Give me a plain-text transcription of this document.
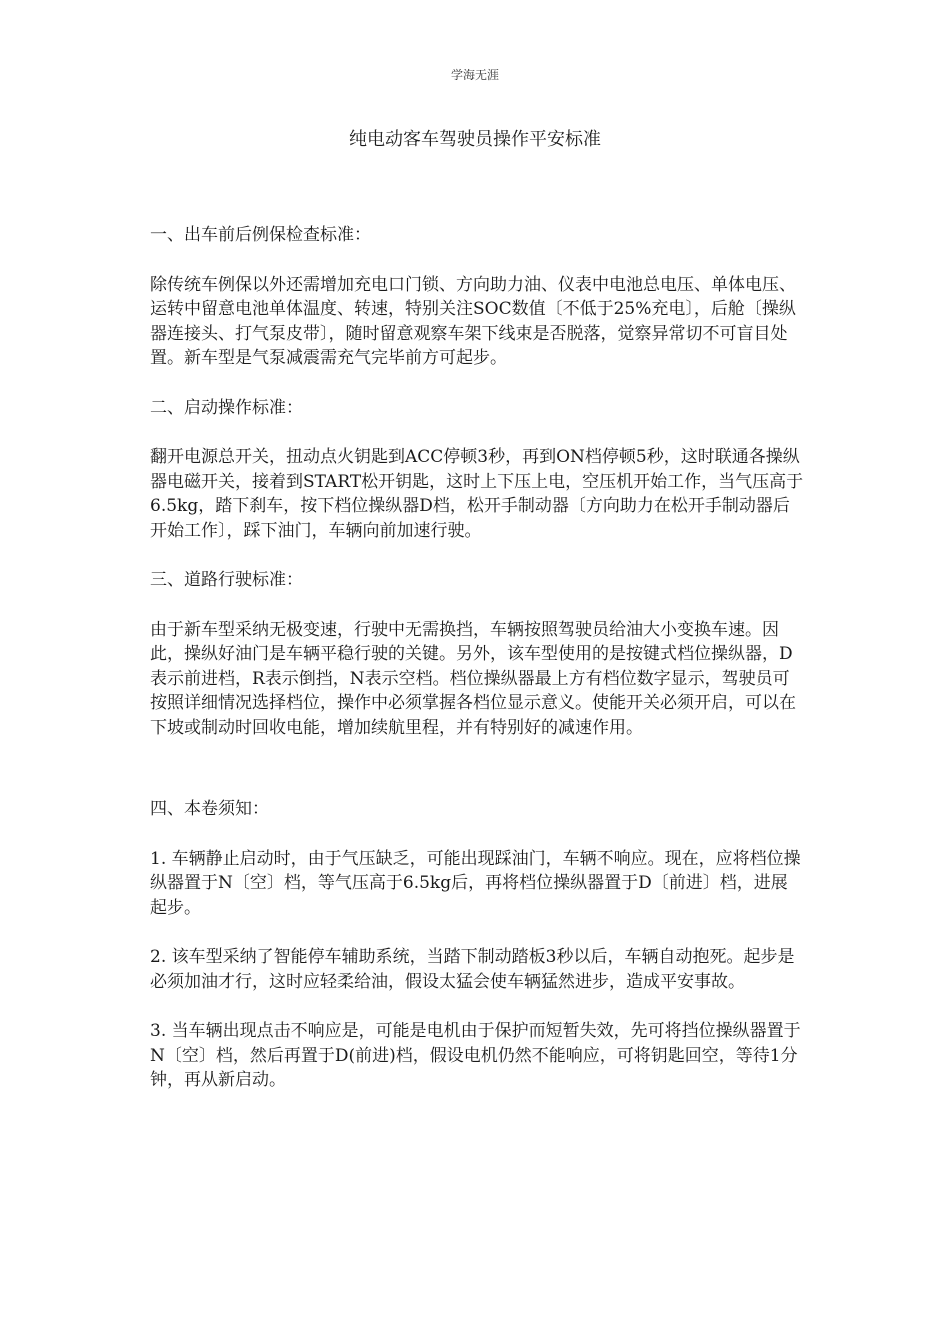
学海无涯
纯电动客车驾驶员操作平安标准

一、出车前后例保检查标准：

除传统车例保以外还需增加充电口门锁、方向助力油、仪表中电池总电压、单体电压、运转中留意电池单体温度、转速，特别关注SOC数值〔不低于25%充电〕，后舱〔操纵器连接头、打气泵皮带〕，随时留意观察车架下线束是否脱落，觉察异常切不可盲目处置。新车型是气泵减震需充气完毕前方可起步。

二、启动操作标准：

翻开电源总开关，扭动点火钥匙到ACC停顿3秒，再到ON档停顿5秒，这时联通各操纵器电磁开关，接着到START松开钥匙，这时上下压上电，空压机开始工作，当气压高于6.5kg，踏下刹车，按下档位操纵器D档，松开手制动器〔方向助力在松开手制动器后开始工作〕，踩下油门，车辆向前加速行驶。

三、道路行驶标准：

由于新车型采纳无极变速，行驶中无需换挡，车辆按照驾驶员给油大小变换车速。因此，操纵好油门是车辆平稳行驶的关键。另外，该车型使用的是按键式档位操纵器，D表示前进档，R表示倒挡，N表示空档。档位操纵器最上方有档位数字显示，驾驶员可按照详细情况选择档位，操作中必须掌握各档位显示意义。使能开关必须开启，可以在下坡或制动时回收电能，增加续航里程，并有特别好的减速作用。

四、本卷须知：

1. 车辆静止启动时，由于气压缺乏，可能出现踩油门，车辆不响应。现在，应将档位操纵器置于N〔空〕档，等气压高于6.5kg后，再将档位操纵器置于D〔前进〕档，进展起步。

2. 该车型采纳了智能停车辅助系统，当踏下制动踏板3秒以后，车辆自动抱死。起步是必须加油才行，这时应轻柔给油，假设太猛会使车辆猛然进步，造成平安事故。

3. 当车辆出现点击不响应是，可能是电机由于保护而短暂失效，先可将挡位操纵器置于N〔空〕档，然后再置于D(前进)档，假设电机仍然不能响应，可将钥匙回空，等待1分钟，再从新启动。
